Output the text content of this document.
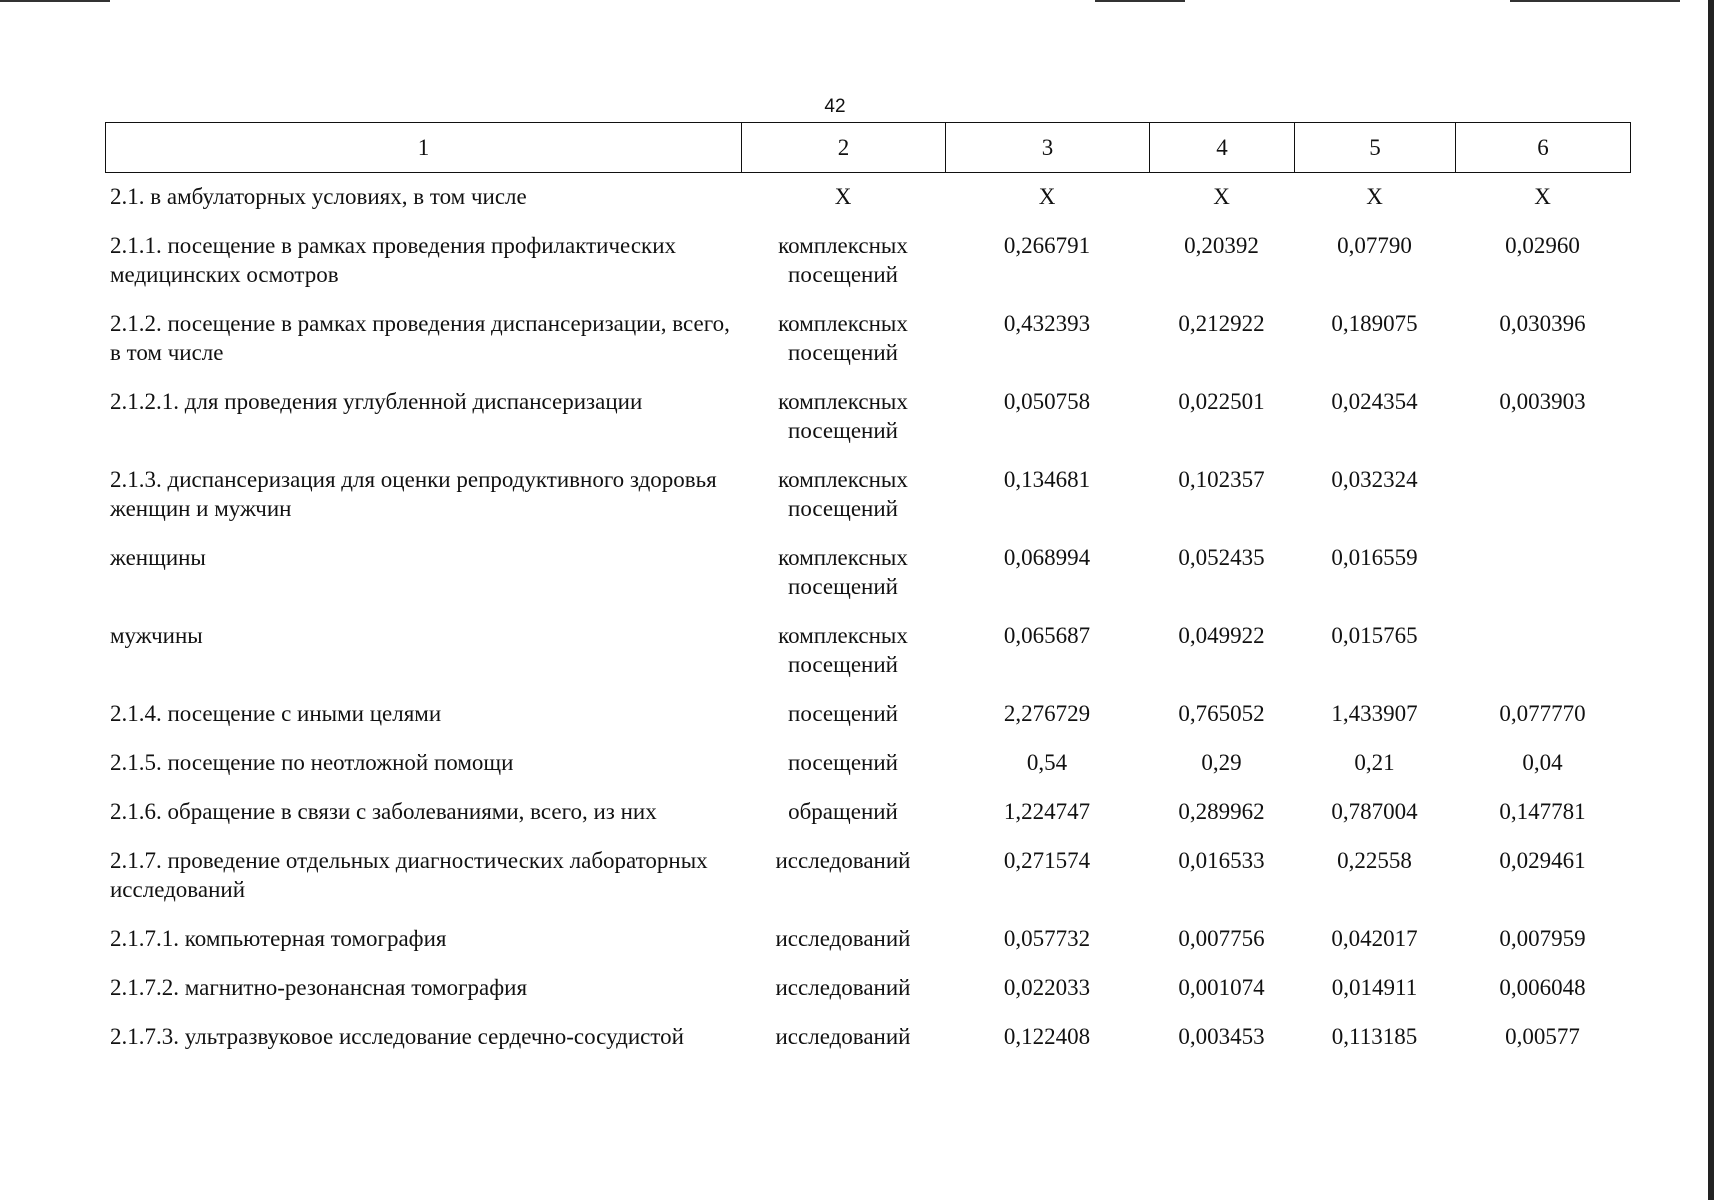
42
1	2	3	4	5	6
2.1. в амбулаторных условиях, в том числе	Х	Х	Х	Х	Х
2.1.1. посещение в рамках проведения профилактических медицинских осмотров	комплексных посещений	0,266791	0,20392	0,07790	0,02960
2.1.2. посещение в рамках проведения диспансеризации, всего, в том числе	комплексных посещений	0,432393	0,212922	0,189075	0,030396
2.1.2.1. для проведения углубленной диспансеризации	комплексных посещений	0,050758	0,022501	0,024354	0,003903
2.1.3. диспансеризация для оценки репродуктивного здоровья женщин и мужчин	комплексных посещений	0,134681	0,102357	0,032324	
женщины	комплексных посещений	0,068994	0,052435	0,016559	
мужчины	комплексных посещений	0,065687	0,049922	0,015765	
2.1.4. посещение с иными целями	посещений	2,276729	0,765052	1,433907	0,077770
2.1.5. посещение по неотложной помощи	посещений	0,54	0,29	0,21	0,04
2.1.6. обращение в связи с заболеваниями, всего, из них	обращений	1,224747	0,289962	0,787004	0,147781
2.1.7. проведение отдельных диагностических лабораторных исследований	исследований	0,271574	0,016533	0,22558	0,029461
2.1.7.1. компьютерная томография	исследований	0,057732	0,007756	0,042017	0,007959
2.1.7.2. магнитно-резонансная томография	исследований	0,022033	0,001074	0,014911	0,006048
2.1.7.3. ультразвуковое исследование сердечно-сосудистой	исследований	0,122408	0,003453	0,113185	0,00577
